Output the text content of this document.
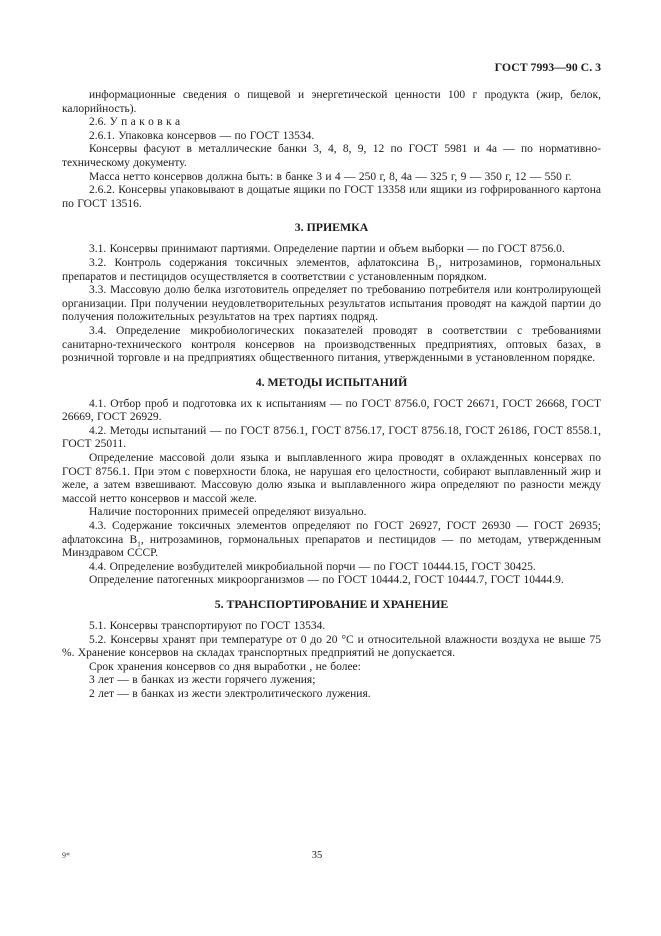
ГОСТ 7993—90 С. 3

информационные сведения о пищевой и энергетической ценности 100 г продукта (жир, белок, калорийность).

2.6. У п а к о в к а

2.6.1. Упаковка консервов — по ГОСТ 13534.

Консервы фасуют в металлические банки 3, 4, 8, 9, 12 по ГОСТ 5981 и 4а — по нормативно-техническому документу.

Масса нетто консервов должна быть: в банке 3 и 4 — 250 г, 8, 4а — 325 г, 9 — 350 г, 12 — 550 г.

2.6.2. Консервы упаковывают в дощатые ящики по ГОСТ 13358 или ящики из гофрированного картона по ГОСТ 13516.

3. ПРИЕМКА

3.1. Консервы принимают партиями. Определение партии и объем выборки — по ГОСТ 8756.0.

3.2. Контроль содержания токсичных элементов, афлатоксина $В_1$, нитрозаминов, гормональных препаратов и пестицидов осуществляется в соответствии с установленным порядком.

3.3. Массовую долю белка изготовитель определяет по требованию потребителя или контролирующей организации. При получении неудовлетворительных результатов испытания проводят на каждой партии до получения положительных результатов на трех партиях подряд.

3.4. Определение микробиологических показателей проводят в соответствии с требованиями санитарно-технического контроля консервов на производственных предприятиях, оптовых базах, в розничной торговле и на предприятиях общественного питания, утвержденными в установленном порядке.

4. МЕТОДЫ ИСПЫТАНИЙ

4.1. Отбор проб и подготовка их к испытаниям — по ГОСТ 8756.0, ГОСТ 26671, ГОСТ 26668, ГОСТ 26669, ГОСТ 26929.

4.2. Методы испытаний — по ГОСТ 8756.1, ГОСТ 8756.17, ГОСТ 8756.18, ГОСТ 26186, ГОСТ 8558.1, ГОСТ 25011.

Определение массовой доли языка и выплавленного жира проводят в охлажденных консервах по ГОСТ 8756.1. При этом с поверхности блока, не нарушая его целостности, собирают выплавленный жир и желе, а затем взвешивают. Массовую долю языка и выплавленного жира определяют по разности между массой нетто консервов и массой желе.

Наличие посторонних примесей определяют визуально.

4.3. Содержание токсичных элементов определяют по ГОСТ 26927, ГОСТ 26930 — ГОСТ 26935; афлатоксина $В_1$, нитрозаминов, гормональных препаратов и пестицидов — по методам, утвержденным Минздравом СССР.

4.4. Определение возбудителей микробиальной порчи — по ГОСТ 10444.15, ГОСТ 30425.

Определение патогенных микроорганизмов — по ГОСТ 10444.2, ГОСТ 10444.7, ГОСТ 10444.9.

5. ТРАНСПОРТИРОВАНИЕ И ХРАНЕНИЕ

5.1. Консервы транспортируют по ГОСТ 13534.

5.2. Консервы хранят при температуре от 0 до 20 °С и относительной влажности воздуха не выше 75 %. Хранение консервов на складах транспортных предприятий не допускается.

Срок хранения консервов со дня выработки , не более:

3 лет — в банках из жести горячего лужения;

2 лет — в банках из жести электролитического лужения.

9*	35
